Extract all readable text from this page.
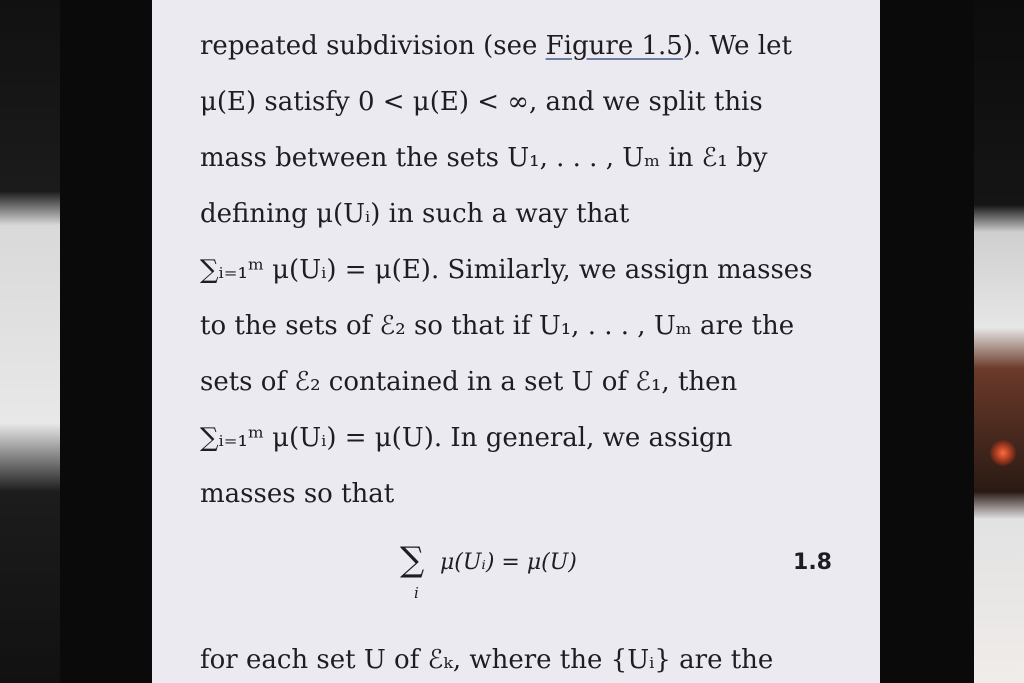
repeated subdivision (see Figure 1.5). We let
μ(E) satisfy 0 < μ(E) < ∞, and we split this
mass between the sets U₁, . . . , Uₘ in ℰ₁ by
defining μ(Uᵢ) in such a way that
∑ᵢ₌₁ᵐ μ(Uᵢ) = μ(E). Similarly, we assign masses
to the sets of ℰ₂ so that if U₁, . . . , Uₘ are the
sets of ℰ₂ contained in a set U of ℰ₁, then
∑ᵢ₌₁ᵐ μ(Uᵢ) = μ(U). In general, we assign
masses so that
∑
i
μ(Uᵢ) = μ(U)	1.8
for each set U of ℰₖ, where the {Uᵢ} are the
